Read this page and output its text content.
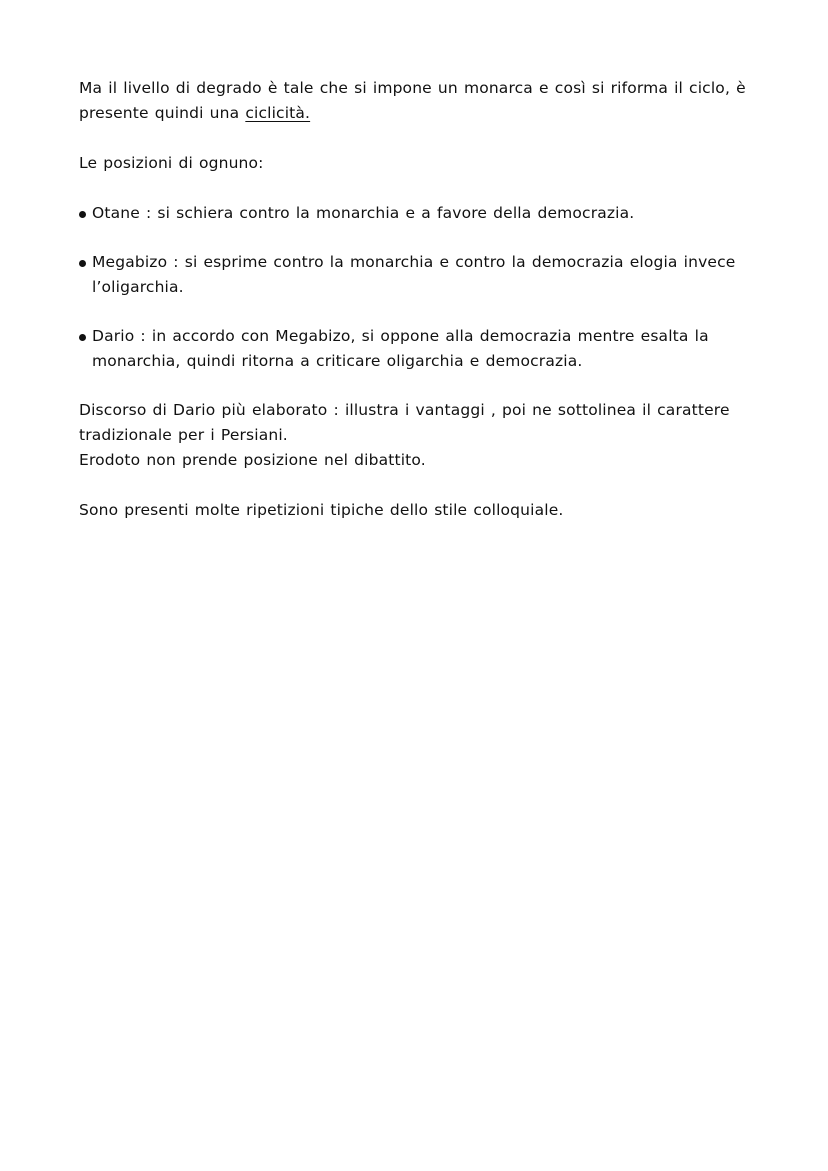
Ma il livello di degrado è tale che si impone un monarca e così si riforma il ciclo, è presente quindi una ciclicità.

Le posizioni di ognuno:

Otane : si schiera contro la monarchia e a favore della democrazia.
Megabizo : si esprime contro la monarchia e contro la democrazia elogia invece l’oligarchia.
Dario : in accordo con Megabizo, si oppone alla democrazia mentre esalta la monarchia, quindi ritorna a criticare oligarchia e democrazia.

Discorso di Dario più elaborato : illustra i vantaggi , poi ne sottolinea il carattere tradizionale per i Persiani.

Erodoto non prende posizione nel dibattito.

Sono presenti molte ripetizioni tipiche dello stile colloquiale.
